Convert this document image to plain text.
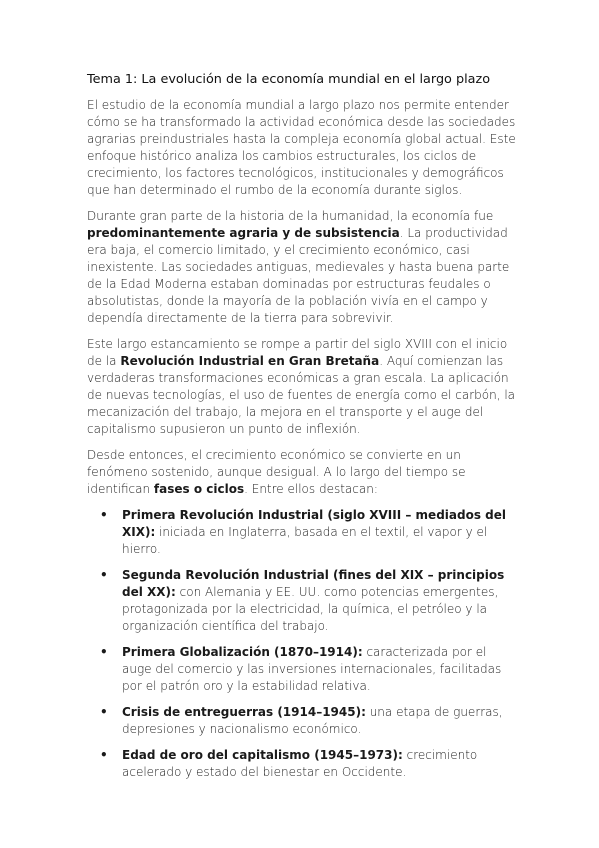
Tema 1: La evolución de la economía mundial en el largo plazo

El estudio de la economía mundial a largo plazo nos permite entender cómo se ha transformado la actividad económica desde las sociedades agrarias preindustriales hasta la compleja economía global actual. Este enfoque histórico analiza los cambios estructurales, los ciclos de crecimiento, los factores tecnológicos, institucionales y demográficos que han determinado el rumbo de la economía durante siglos.

Durante gran parte de la historia de la humanidad, la economía fue predominantemente agraria y de subsistencia. La productividad era baja, el comercio limitado, y el crecimiento económico, casi inexistente. Las sociedades antiguas, medievales y hasta buena parte de la Edad Moderna estaban dominadas por estructuras feudales o absolutistas, donde la mayoría de la población vivía en el campo y dependía directamente de la tierra para sobrevivir.

Este largo estancamiento se rompe a partir del siglo XVIII con el inicio de la Revolución Industrial en Gran Bretaña. Aquí comienzan las verdaderas transformaciones económicas a gran escala. La aplicación de nuevas tecnologías, el uso de fuentes de energía como el carbón, la mecanización del trabajo, la mejora en el transporte y el auge del capitalismo supusieron un punto de inflexión.

Desde entonces, el crecimiento económico se convierte en un fenómeno sostenido, aunque desigual. A lo largo del tiempo se identifican fases o ciclos. Entre ellos destacan:

• Primera Revolución Industrial (siglo XVIII – mediados del XIX): iniciada en Inglaterra, basada en el textil, el vapor y el hierro.
• Segunda Revolución Industrial (fines del XIX – principios del XX): con Alemania y EE. UU. como potencias emergentes, protagonizada por la electricidad, la química, el petróleo y la organización científica del trabajo.
• Primera Globalización (1870–1914): caracterizada por el auge del comercio y las inversiones internacionales, facilitadas por el patrón oro y la estabilidad relativa.
• Crisis de entreguerras (1914–1945): una etapa de guerras, depresiones y nacionalismo económico.
• Edad de oro del capitalismo (1945–1973): crecimiento acelerado y estado del bienestar en Occidente.
